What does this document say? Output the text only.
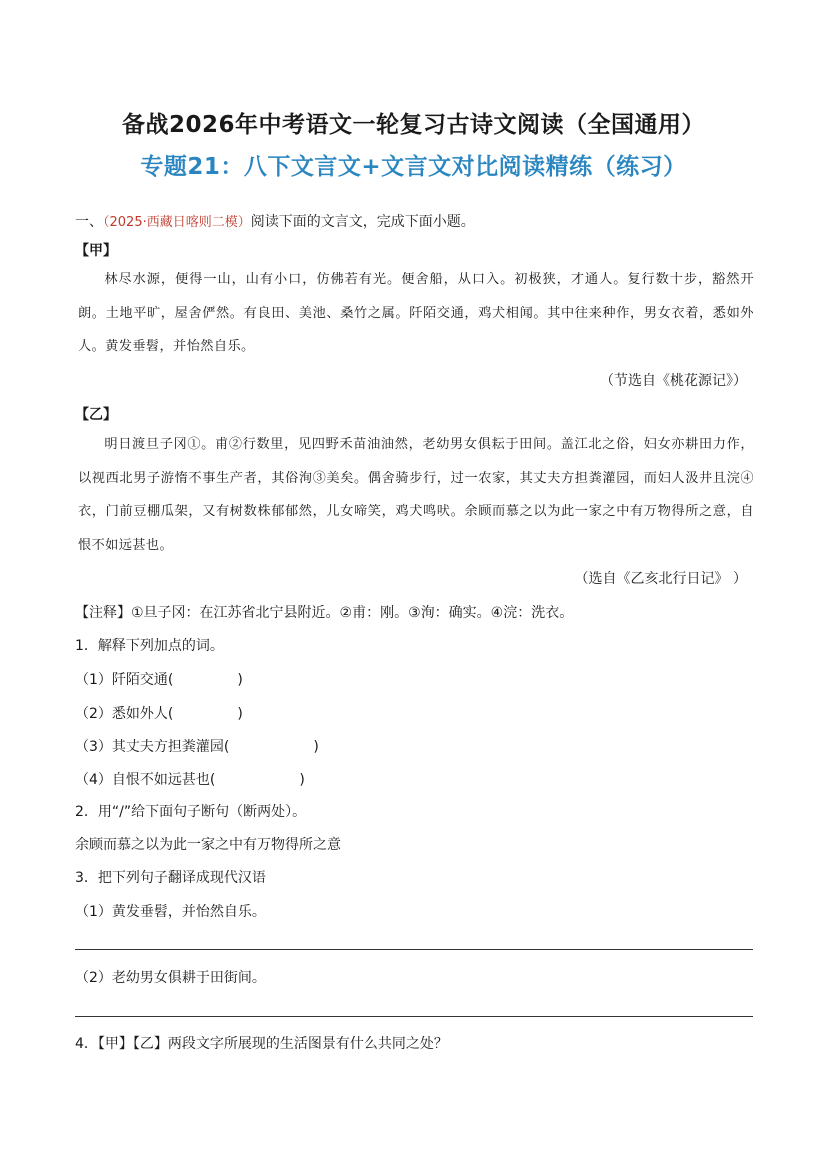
备战2026年中考语文一轮复习古诗文阅读（全国通用）
专题21：八下文言文+文言文对比阅读精练（练习）
一、（2025·西藏日喀则二模）阅读下面的文言文，完成下面小题。
【甲】
林尽水源，便得一山，山有小口，仿佛若有光。便舍船，从口入。初极狭，才通人。复行数十步，豁然开朗。土地平旷，屋舍俨然。有良田、美池、桑竹之属。阡陌交通，鸡犬相闻。其中往来种作，男女衣着，悉如外人。黄发垂髫，并怡然自乐。
（节选自《桃花源记》）
【乙】
明日渡旦子冈①。甫②行数里，见四野禾苗油油然，老幼男女俱耘于田间。盖江北之俗，妇女亦耕田力作，以视西北男子游惰不事生产者，其俗洵③美矣。偶舍骑步行，过一农家，其丈夫方担粪灌园，而妇人汲井且浣④衣，门前豆棚瓜架，又有树数株郁郁然，儿女啼笑，鸡犬鸣吠。余顾而慕之以为此一家之中有万物得所之意，自恨不如远甚也。
（选自《乙亥北行日记》 ）
【注释】①旦子冈：在江苏省北宁县附近。②甫：刚。③洵：确实。④浣：洗衣。
1．解释下列加点的词。
（1）阡陌交通(	)
（2）悉如外人(	)
（3）其丈夫方担粪灌园(	)
（4）自恨不如远甚也(	)
2．用“/”给下面句子断句（断两处）。
余顾而慕之以为此一家之中有万物得所之意
3．把下列句子翻译成现代汉语
（1）黄发垂髫，并怡然自乐。
（2）老幼男女俱耕于田街间。
4．【甲】【乙】两段文字所展现的生活图景有什么共同之处？
